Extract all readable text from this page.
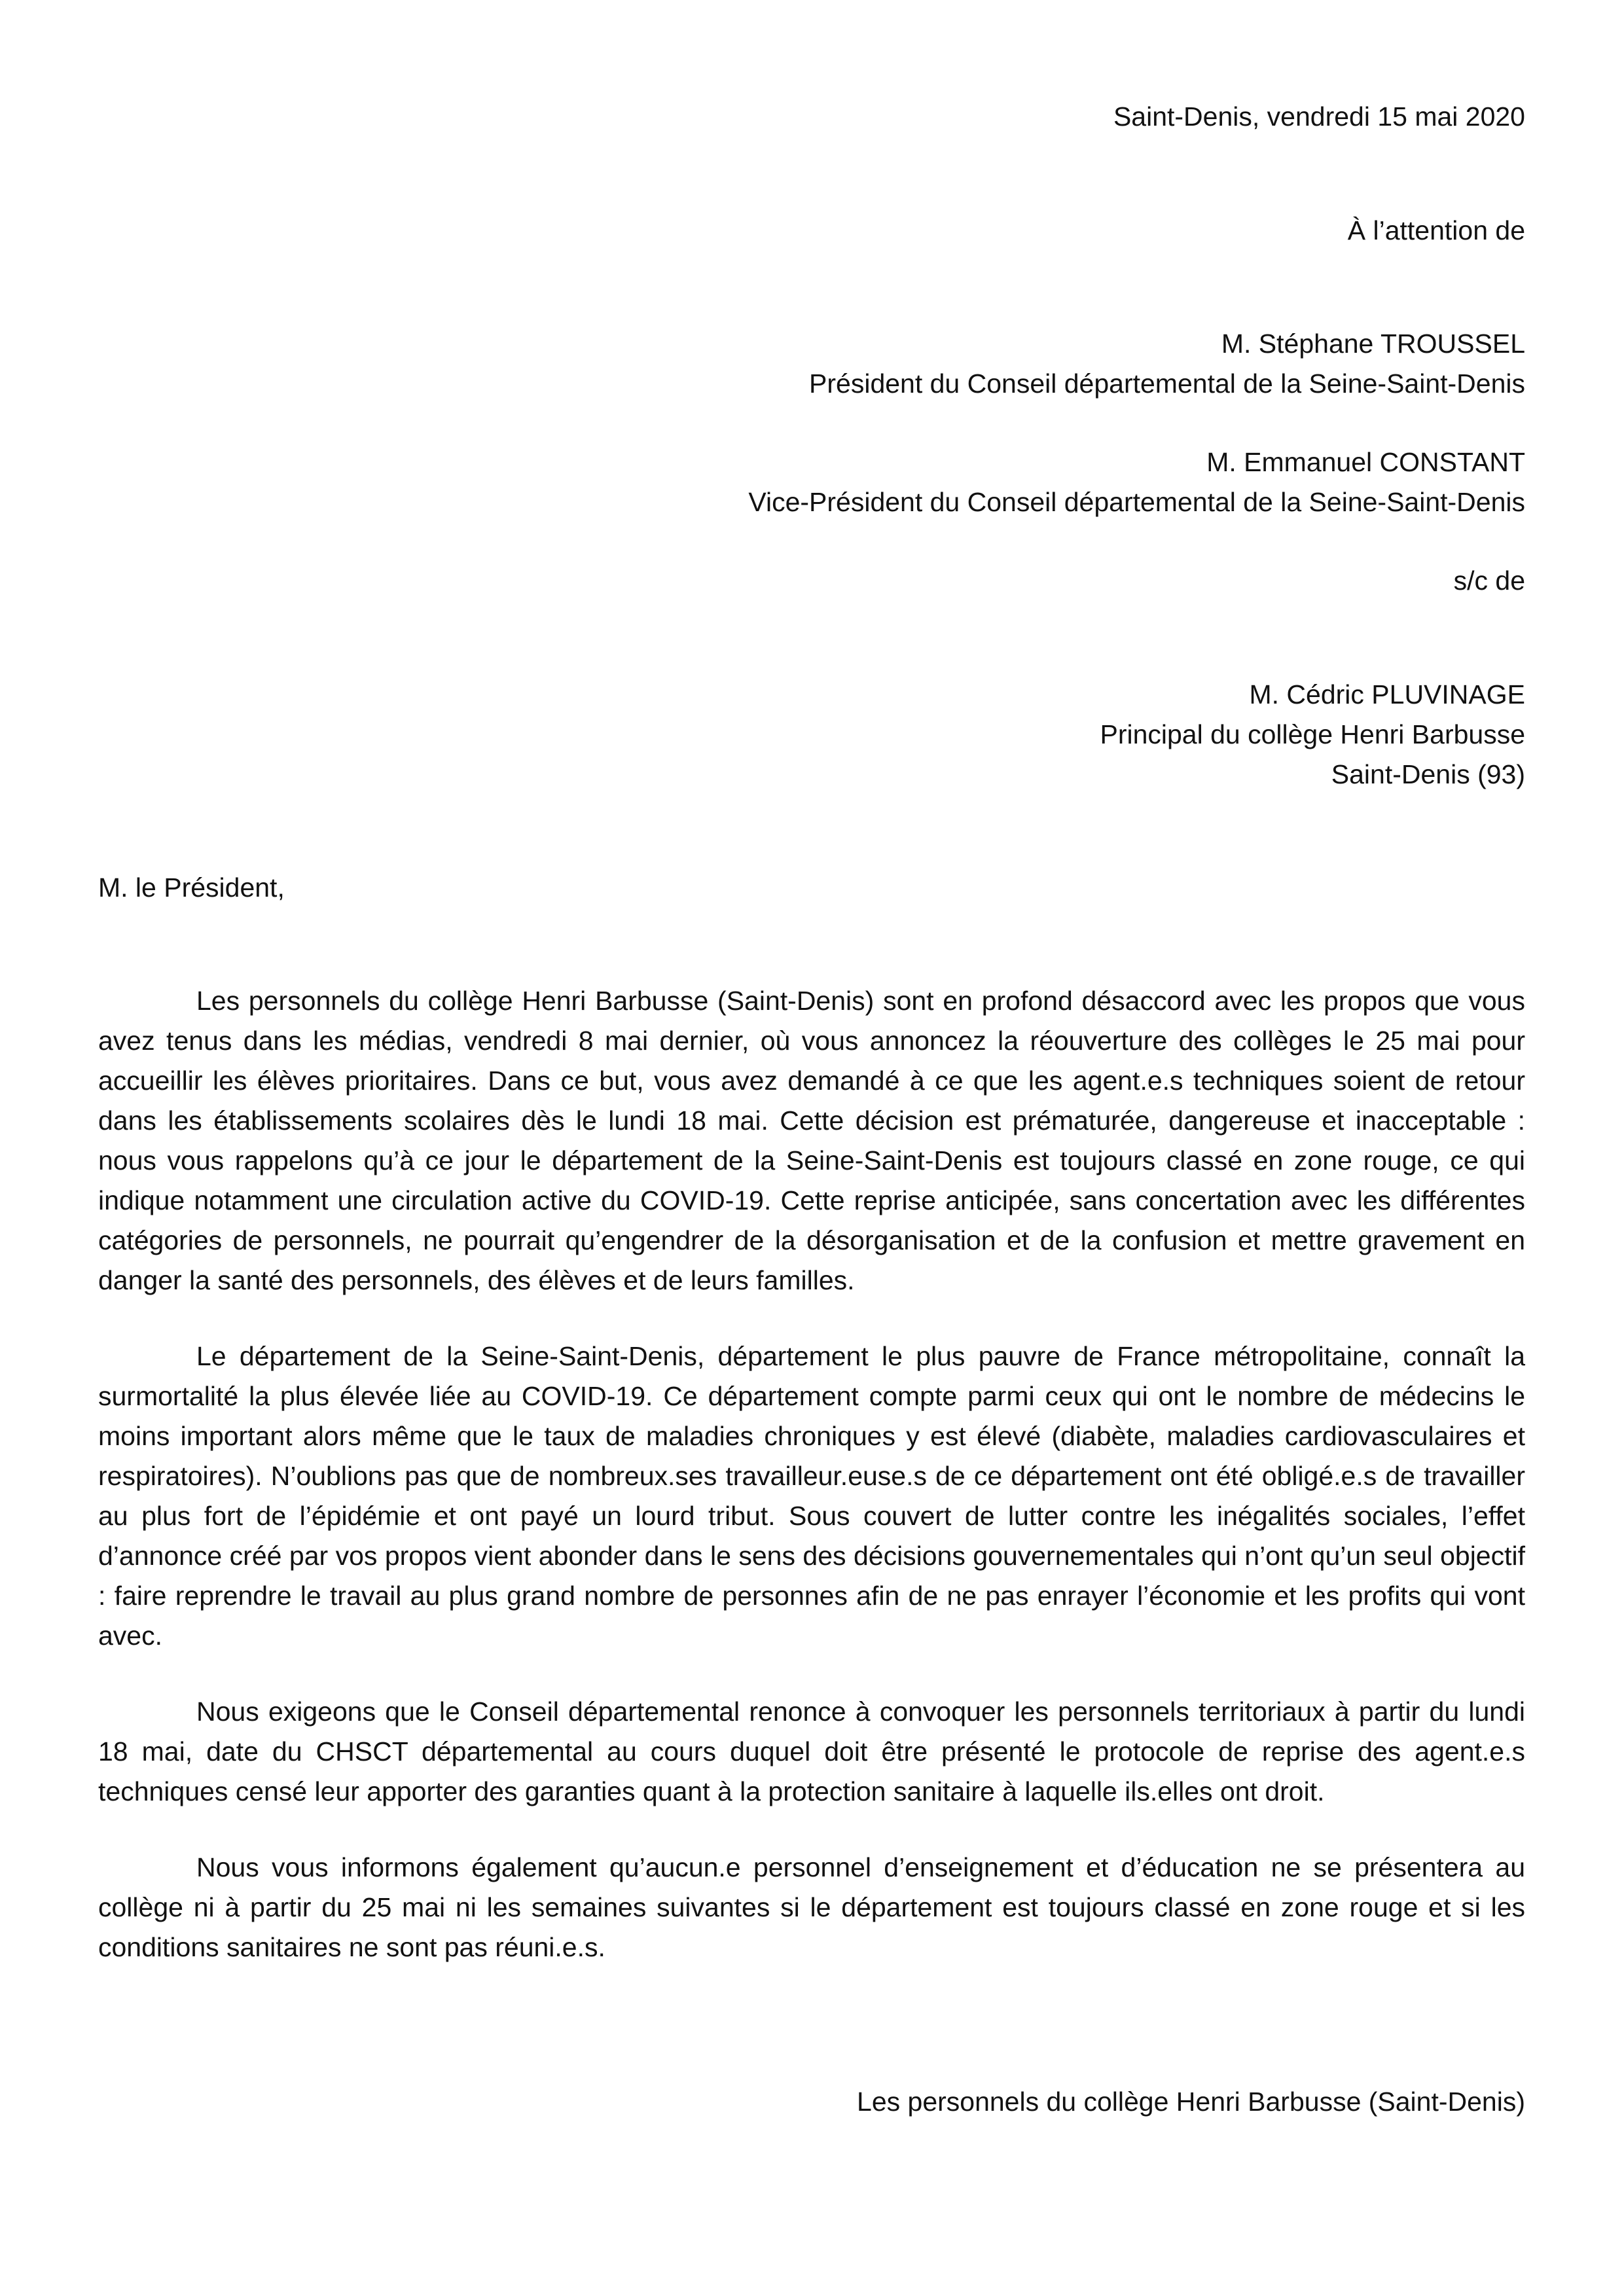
Saint-Denis, vendredi 15 mai 2020
À l’attention de
M. Stéphane TROUSSEL
Président du Conseil départemental de la Seine-Saint-Denis
M. Emmanuel CONSTANT
Vice-Président du Conseil départemental de la Seine-Saint-Denis
s/c de
M. Cédric PLUVINAGE
Principal du collège Henri Barbusse
Saint-Denis (93)
M. le Président,

Les personnels du collège Henri Barbusse (Saint-Denis) sont en profond désaccord avec les propos que vous avez tenus dans les médias, vendredi 8 mai dernier, où vous annoncez la réouverture des collèges le 25 mai pour accueillir les élèves prioritaires. Dans ce but, vous avez demandé à ce que les agent.e.s techniques soient de retour dans les établissements scolaires dès le lundi 18 mai. Cette décision est prématurée, dangereuse et inacceptable : nous vous rappelons qu’à ce jour le département de la Seine-Saint-Denis est toujours classé en zone rouge, ce qui indique notamment une circulation active du COVID-19. Cette reprise anticipée, sans concertation avec les différentes catégories de personnels, ne pourrait qu’engendrer de la désorganisation et de la confusion et mettre gravement en danger la santé des personnels, des élèves et de leurs familles.

Le département de la Seine-Saint-Denis, département le plus pauvre de France métropolitaine, connaît la surmortalité la plus élevée liée au COVID-19. Ce département compte parmi ceux qui ont le nombre de médecins le moins important alors même que le taux de maladies chroniques y est élevé (diabète, maladies cardiovasculaires et respiratoires). N’oublions pas que de nombreux.ses travailleur.euse.s de ce département ont été obligé.e.s de travailler au plus fort de l’épidémie et ont payé un lourd tribut. Sous couvert de lutter contre les inégalités sociales, l’effet d’annonce créé par vos propos vient abonder dans le sens des décisions gouvernementales qui n’ont qu’un seul objectif : faire reprendre le travail au plus grand nombre de personnes afin de ne pas enrayer l’économie et les profits qui vont avec.

Nous exigeons que le Conseil départemental renonce à convoquer les personnels territoriaux à partir du lundi 18 mai, date du CHSCT départemental au cours duquel doit être présenté le protocole de reprise des agent.e.s techniques censé leur apporter des garanties quant à la protection sanitaire à laquelle ils.elles ont droit.

Nous vous informons également qu’aucun.e personnel d’enseignement et d’éducation ne se présentera au collège ni à partir du 25 mai ni les semaines suivantes si le département est toujours classé en zone rouge et si les conditions sanitaires ne sont pas réuni.e.s.

Les personnels du collège Henri Barbusse (Saint-Denis)
